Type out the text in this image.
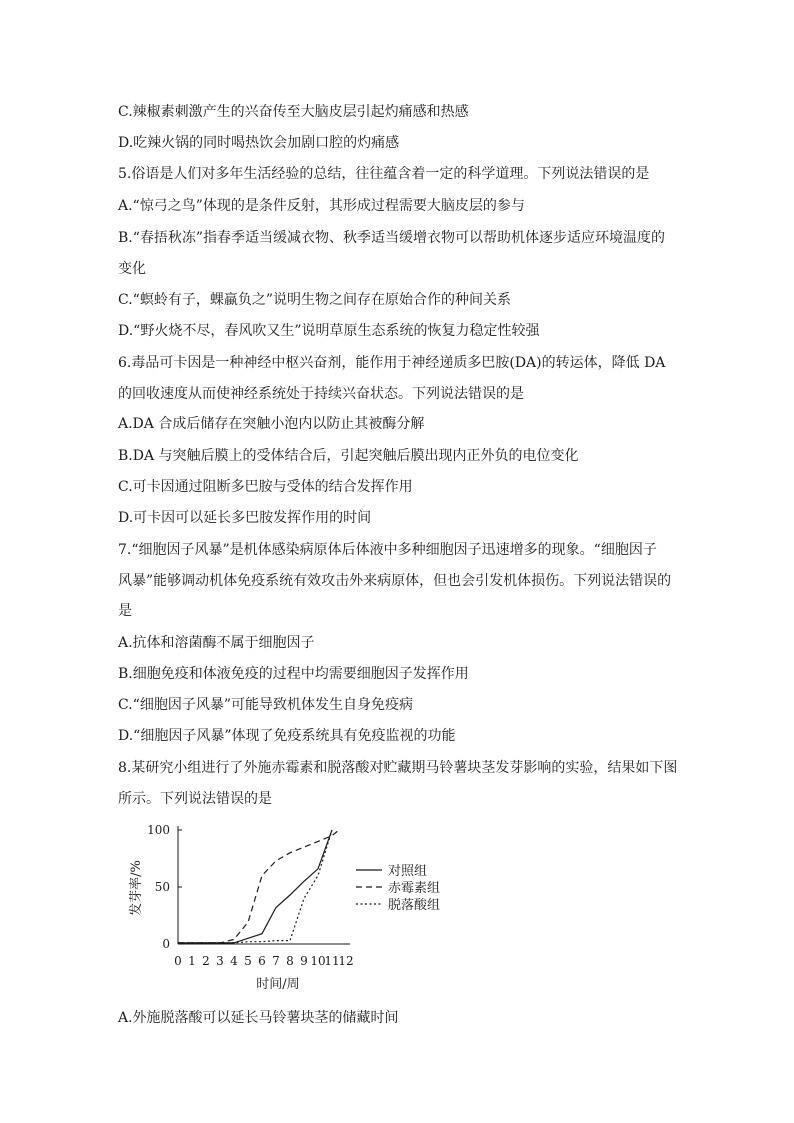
C.辣椒素刺激产生的兴奋传至大脑皮层引起灼痛感和热感
D.吃辣火锅的同时喝热饮会加剧口腔的灼痛感
5.俗语是人们对多年生活经验的总结，往往蕴含着一定的科学道理。下列说法错误的是
A.“惊弓之鸟”体现的是条件反射，其形成过程需要大脑皮层的参与
B.“春捂秋冻”指春季适当缓减衣物、秋季适当缓增衣物可以帮助机体逐步适应环境温度的
变化
C.“螟蛉有子，蜾蠃负之”说明生物之间存在原始合作的种间关系
D.“野火烧不尽，春风吹又生”说明草原生态系统的恢复力稳定性较强
6.毒品可卡因是一种神经中枢兴奋剂，能作用于神经递质多巴胺(DA)的转运体，降低 DA
的回收速度从而使神经系统处于持续兴奋状态。下列说法错误的是
A.DA 合成后储存在突触小泡内以防止其被酶分解
B.DA 与突触后膜上的受体结合后，引起突触后膜出现内正外负的电位变化
C.可卡因通过阻断多巴胺与受体的结合发挥作用
D.可卡因可以延长多巴胺发挥作用的时间
7.“细胞因子风暴”是机体感染病原体后体液中多种细胞因子迅速增多的现象。“细胞因子
风暴”能够调动机体免疫系统有效攻击外来病原体，但也会引发机体损伤。下列说法错误的
是
A.抗体和溶菌酶不属于细胞因子
B.细胞免疫和体液免疫的过程中均需要细胞因子发挥作用
C.“细胞因子风暴”可能导致机体发生自身免疫病
D.“细胞因子风暴”体现了免疫系统具有免疫监视的功能
8.某研究小组进行了外施赤霉素和脱落酸对贮藏期马铃薯块茎发芽影响的实验，结果如下图
所示。下列说法错误的是
A.外施脱落酸可以延长马铃薯块茎的储藏时间
发芽率/%
时间/周
0
50
100
0 1 2 3 4 5 6 7 8 9 10
11
12
对照组
赤霉素组
脱落酸组
